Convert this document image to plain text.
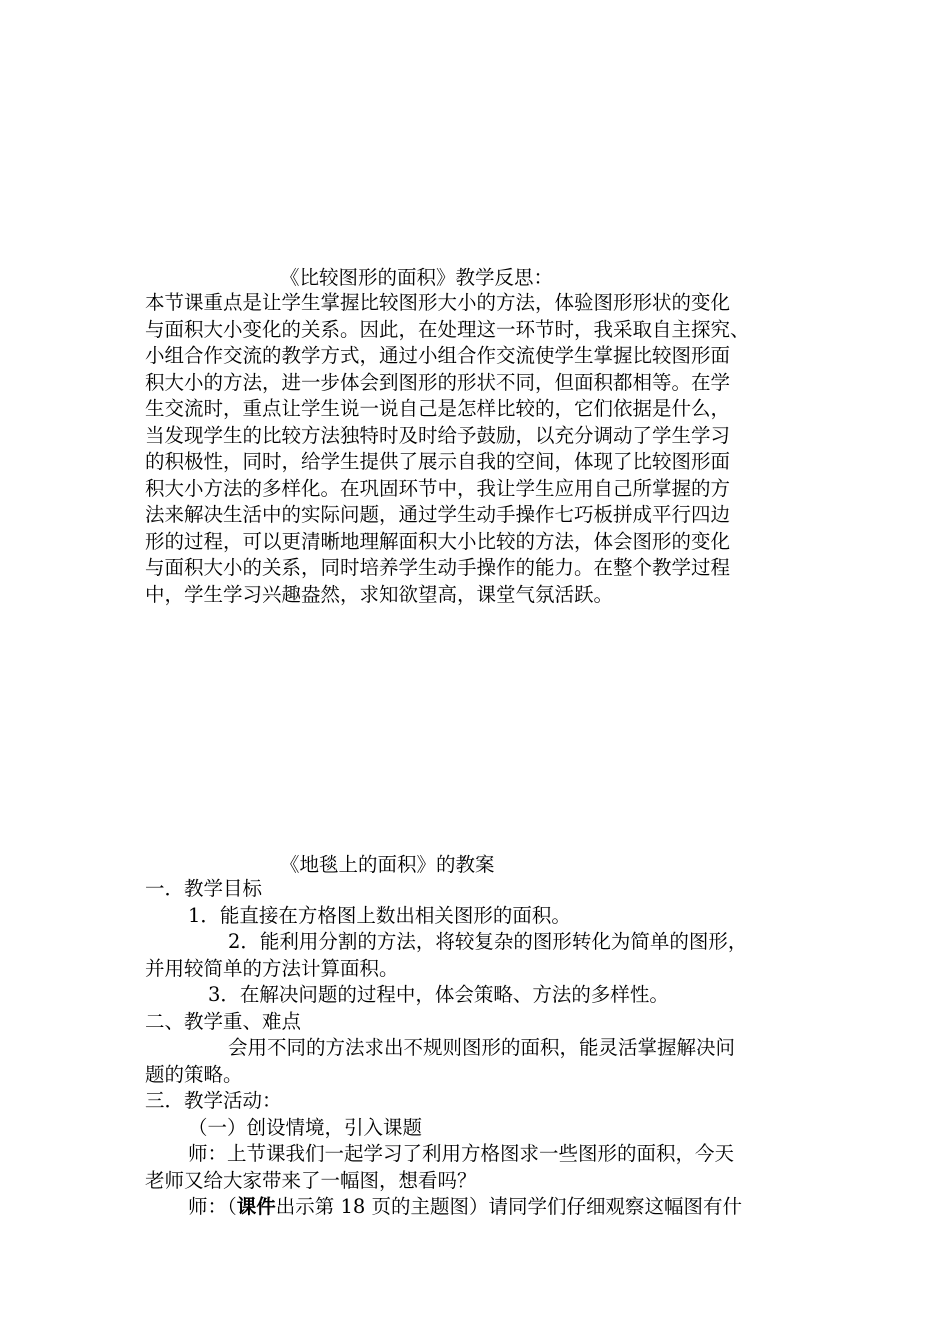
《比较图形的面积》教学反思：
本节课重点是让学生掌握比较图形大小的方法，体验图形形状的变化
与面积大小变化的关系。因此，在处理这一环节时，我采取自主探究、
小组合作交流的教学方式，通过小组合作交流使学生掌握比较图形面
积大小的方法，进一步体会到图形的形状不同，但面积都相等。在学
生交流时，重点让学生说一说自己是怎样比较的，它们依据是什么，
当发现学生的比较方法独特时及时给予鼓励，以充分调动了学生学习
的积极性，同时，给学生提供了展示自我的空间，体现了比较图形面
积大小方法的多样化。在巩固环节中，我让学生应用自己所掌握的方
法来解决生活中的实际问题，通过学生动手操作七巧板拼成平行四边
形的过程，可以更清晰地理解面积大小比较的方法，体会图形的变化
与面积大小的关系，同时培养学生动手操作的能力。在整个教学过程
中，学生学习兴趣盎然，求知欲望高，课堂气氛活跃。
《地毯上的面积》的教案
一．教学目标
1．能直接在方格图上数出相关图形的面积。
2．能利用分割的方法，将较复杂的图形转化为简单的图形，
并用较简单的方法计算面积。
3．在解决问题的过程中，体会策略、方法的多样性。
二、教学重、难点
会用不同的方法求出不规则图形的面积，能灵活掌握解决问
题的策略。
三．教学活动：
（一）创设情境，引入课题
师：上节课我们一起学习了利用方格图求一些图形的面积，今天
老师又给大家带来了一幅图，想看吗？
师：（课件出示第 18 页的主题图）请同学们仔细观察这幅图有什
